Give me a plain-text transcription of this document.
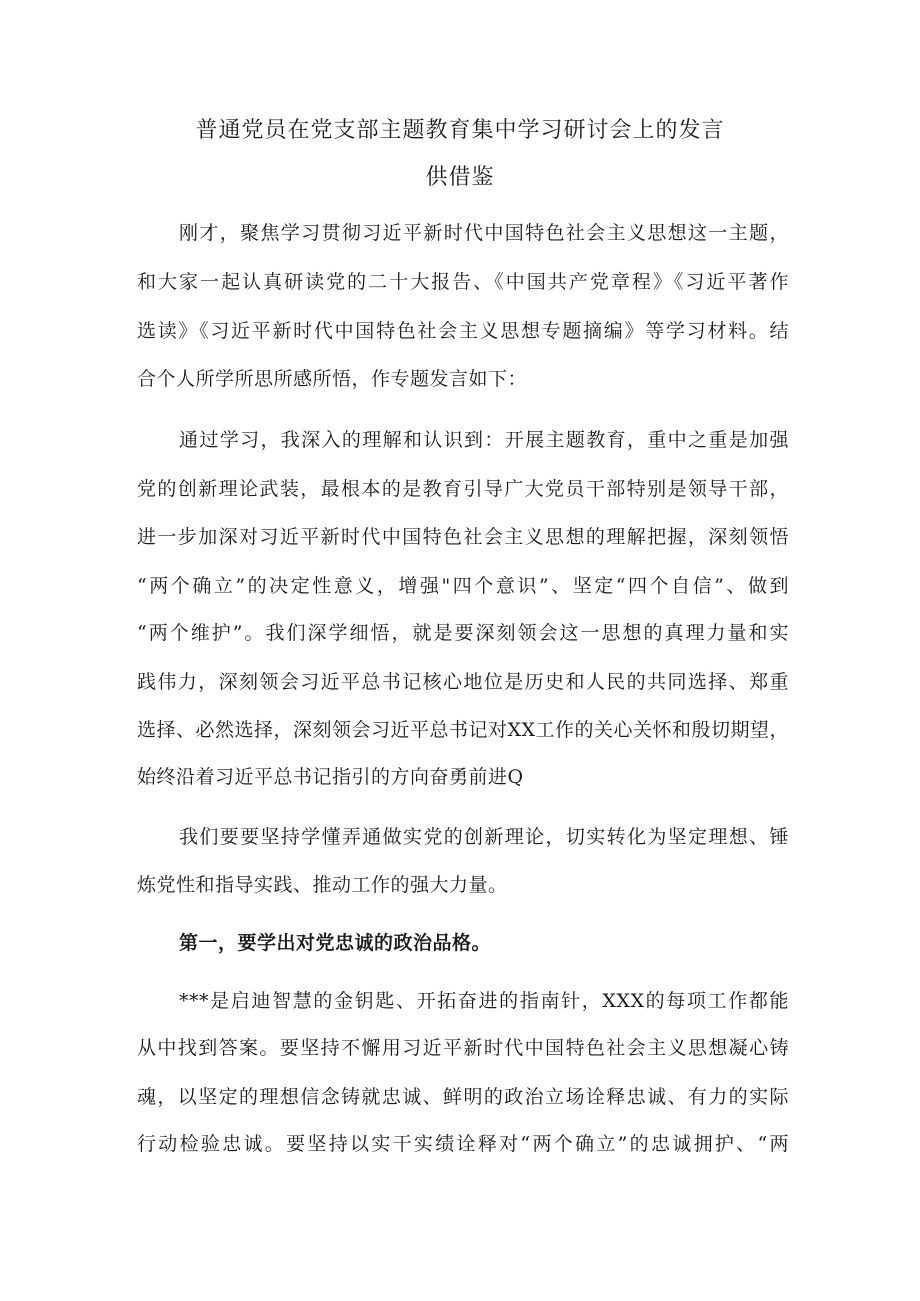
普通党员在党支部主题教育集中学习研讨会上的发言
供借鉴
刚才，聚焦学习贯彻习近平新时代中国特色社会主义思想这一主题，
和大家一起认真研读党的二十大报告、《中国共产党章程》《习近平著作
选读》《习近平新时代中国特色社会主义思想专题摘编》等学习材料。结
合个人所学所思所感所悟，作专题发言如下：
通过学习，我深入的理解和认识到：开展主题教育，重中之重是加强
党的创新理论武装，最根本的是教育引导广大党员干部特别是领导干部，
进一步加深对习近平新时代中国特色社会主义思想的理解把握，深刻领悟
“两个确立”的决定性意义，增强"四个意识”、坚定“四个自信”、做到
“两个维护”。我们深学细悟，就是要深刻领会这一思想的真理力量和实
践伟力，深刻领会习近平总书记核心地位是历史和人民的共同选择、郑重
选择、必然选择，深刻领会习近平总书记对XX工作的关心关怀和殷切期望，
始终沿着习近平总书记指引的方向奋勇前进Q
我们要要坚持学懂弄通做实党的创新理论，切实转化为坚定理想、锤
炼党性和指导实践、推动工作的强大力量。
第一，要学出对党忠诚的政治品格。
***是启迪智慧的金钥匙、开拓奋进的指南针，XXX的每项工作都能
从中找到答案。要坚持不懈用习近平新时代中国特色社会主义思想凝心铸
魂，以坚定的理想信念铸就忠诚、鲜明的政治立场诠释忠诚、有力的实际
行动检验忠诚。要坚持以实干实绩诠释对“两个确立”的忠诚拥护、“两
